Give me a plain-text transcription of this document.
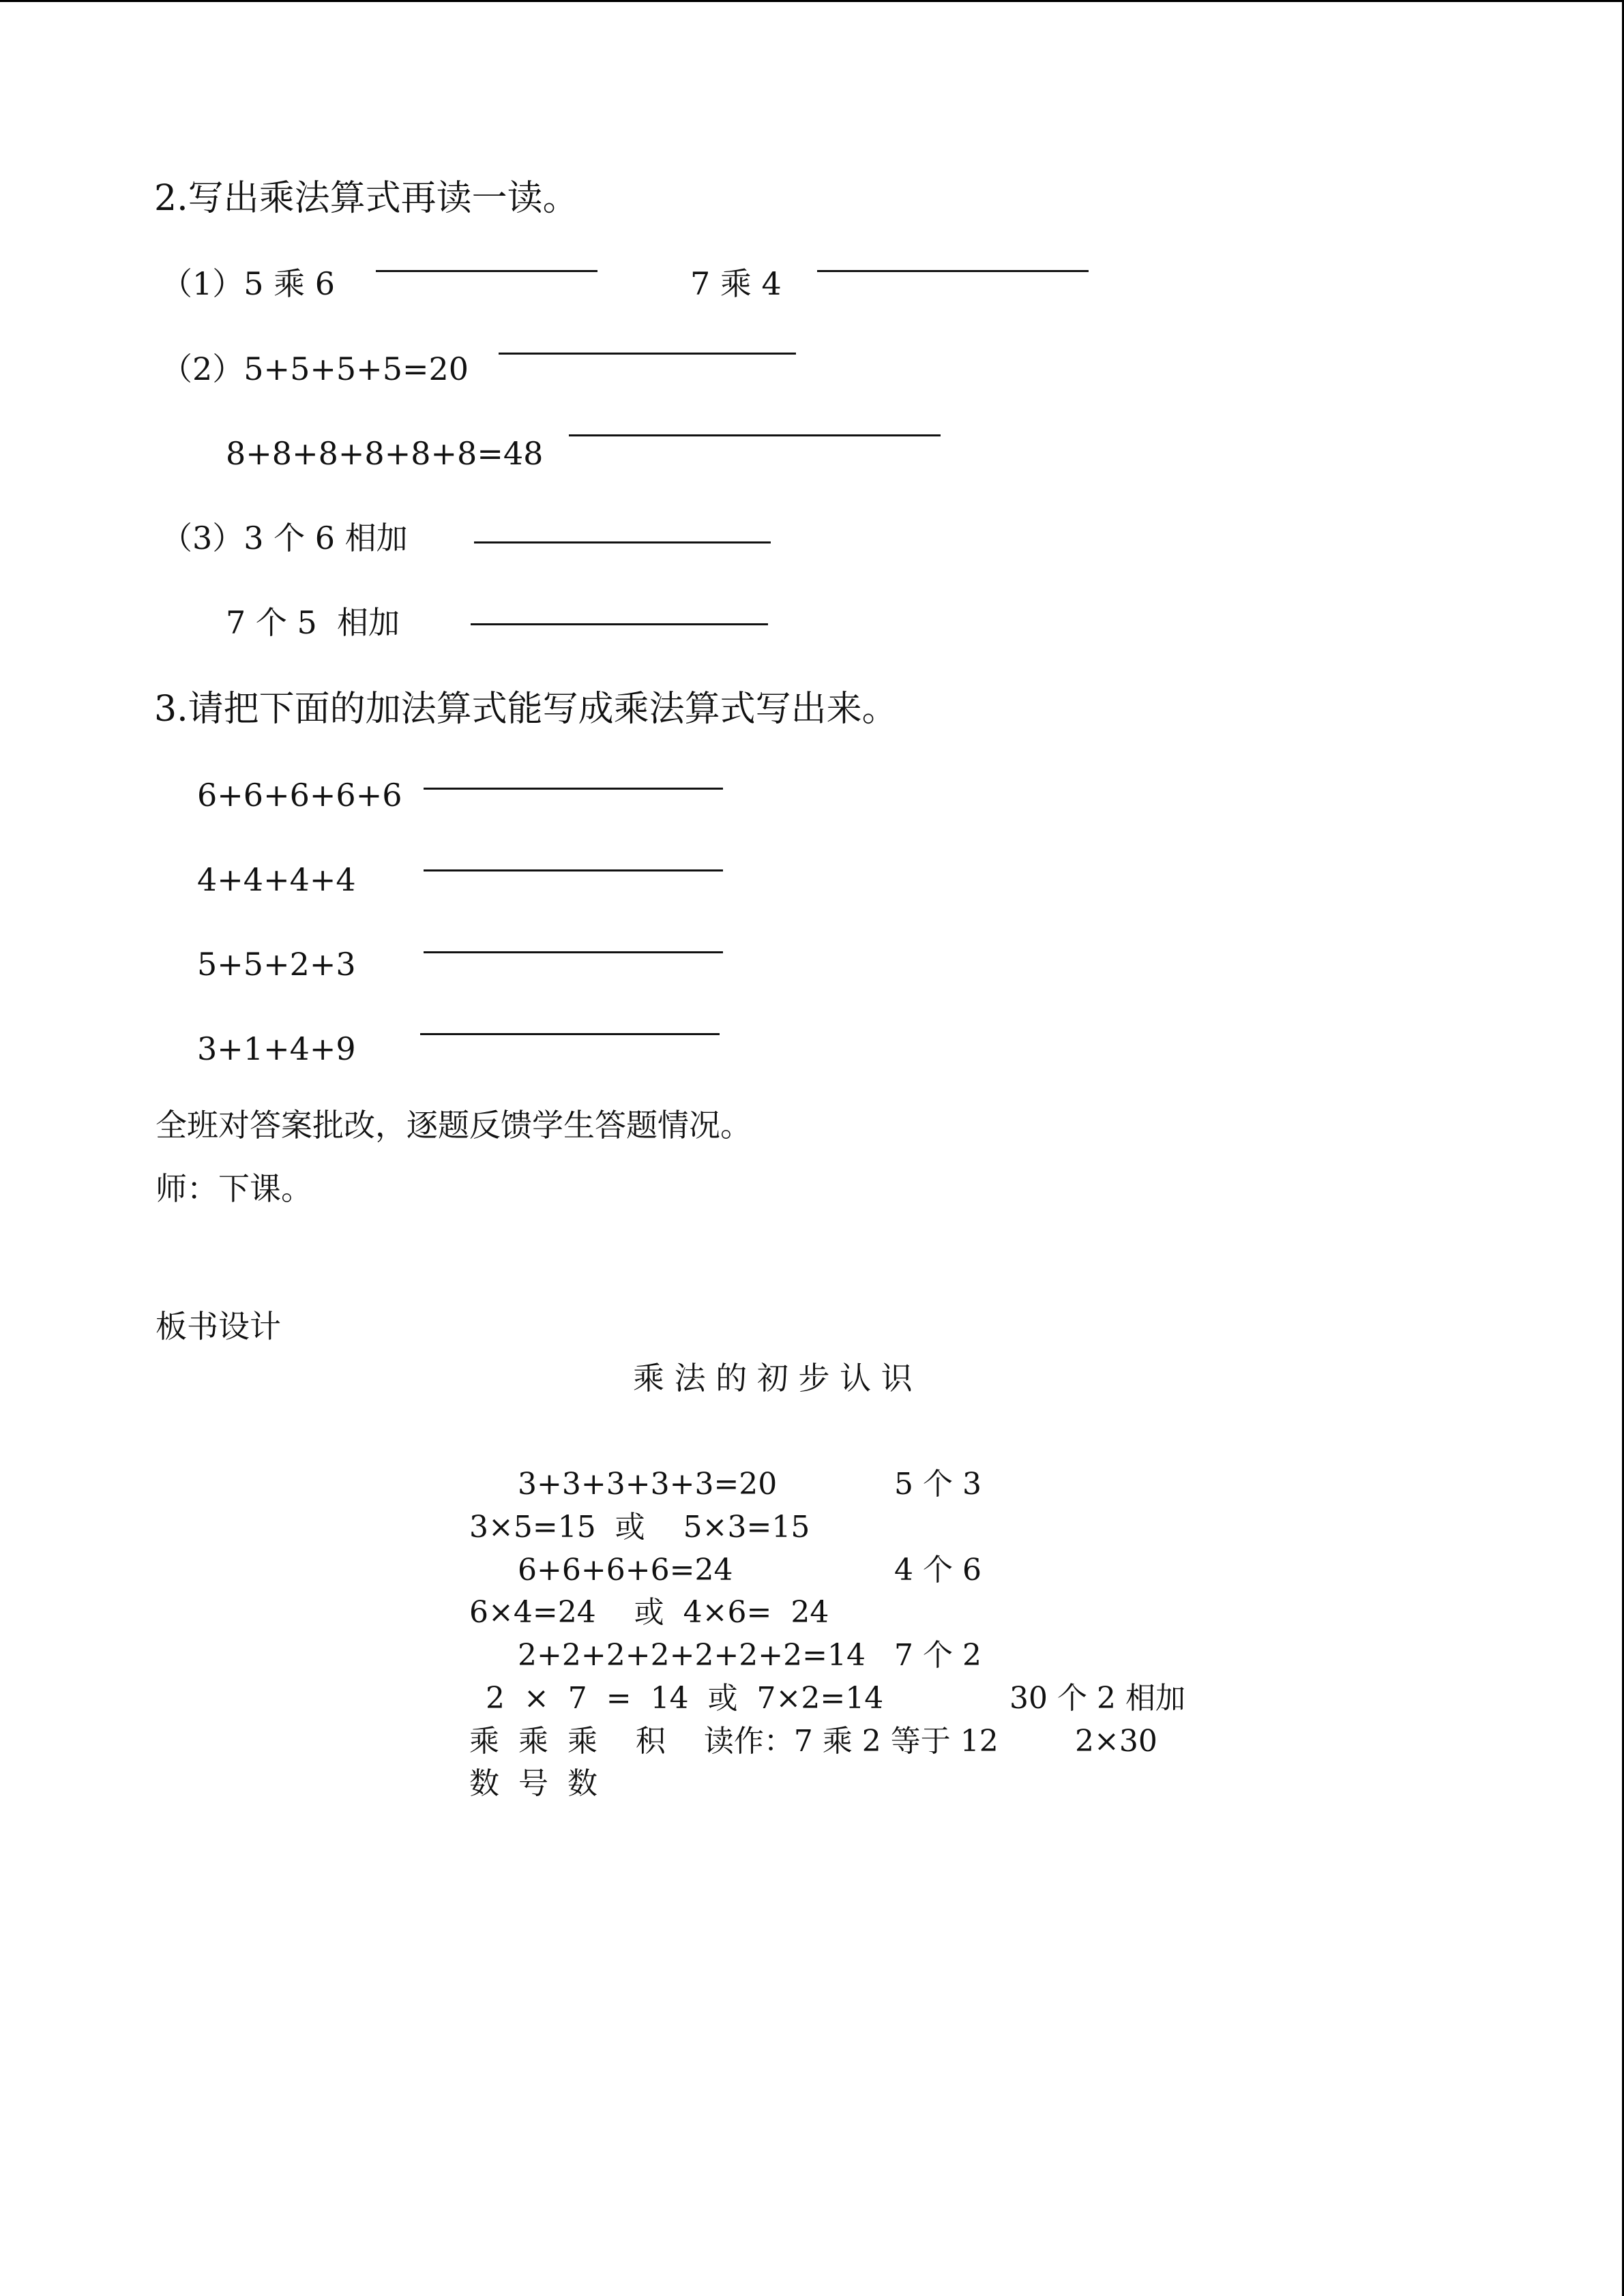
2.写出乘法算式再读一读。
（1）5 乘 6	7 乘 4
（2）5+5+5+5=20
8+8+8+8+8+8=48
（3）3 个 6 相加
7 个 5  相加
3.请把下面的加法算式能写成乘法算式写出来。
6+6+6+6+6
4+4+4+4
5+5+2+3
3+1+4+9
全班对答案批改，逐题反馈学生答题情况。
师：下课。
板书设计
乘 法 的 初 步 认 识
3+3+3+3+3=20	5 个 3
3×5=15  或    5×3=15
6+6+6+6=24	4 个 6
6×4=24    或  4×6=  24
2+2+2+2+2+2+2=14 7 个 2
2  ×  7  =  14  或  7×2=14	30 个 2 相加
乘  乘  乘    积    读作：7 乘 2 等于 12	2×30
数  号  数
